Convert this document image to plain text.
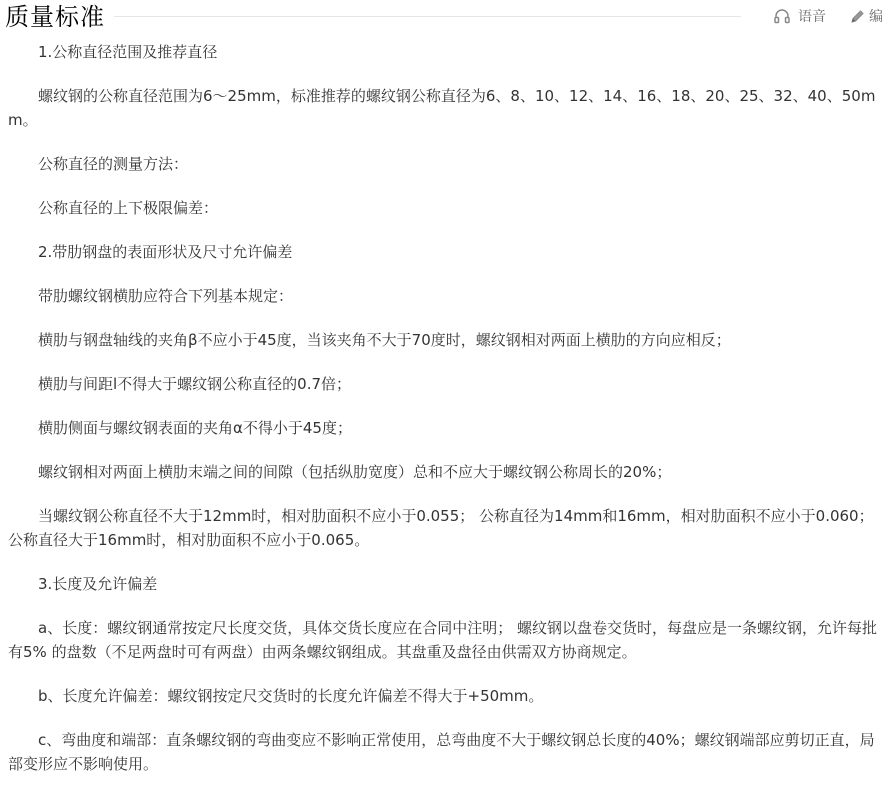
质量标准	语音	编

1.公称直径范围及推荐直径

螺纹钢的公称直径范围为6～25mm，标准推荐的螺纹钢公称直径为6、8、10、12、14、16、18、20、25、32、40、50mm。

公称直径的测量方法：

公称直径的上下极限偏差：

2.带肋钢盘的表面形状及尺寸允许偏差

带肋螺纹钢横肋应符合下列基本规定：

横肋与钢盘轴线的夹角β不应小于45度，当该夹角不大于70度时，螺纹钢相对两面上横肋的方向应相反；

横肋与间距l不得大于螺纹钢公称直径的0.7倍；

横肋侧面与螺纹钢表面的夹角α不得小于45度；

螺纹钢相对两面上横肋末端之间的间隙（包括纵肋宽度）总和不应大于螺纹钢公称周长的20%；

当螺纹钢公称直径不大于12mm时，相对肋面积不应小于0.055； 公称直径为14mm和16mm，相对肋面积不应小于0.060；公称直径大于16mm时，相对肋面积不应小于0.065。

3.长度及允许偏差

a、长度：螺纹钢通常按定尺长度交货，具体交货长度应在合同中注明； 螺纹钢以盘卷交货时，每盘应是一条螺纹钢，允许每批有5% 的盘数（不足两盘时可有两盘）由两条螺纹钢组成。其盘重及盘径由供需双方协商规定。

b、长度允许偏差：螺纹钢按定尺交货时的长度允许偏差不得大于+50mm。

c、弯曲度和端部：直条螺纹钢的弯曲变应不影响正常使用，总弯曲度不大于螺纹钢总长度的40%；螺纹钢端部应剪切正直，局部变形应不影响使用。
